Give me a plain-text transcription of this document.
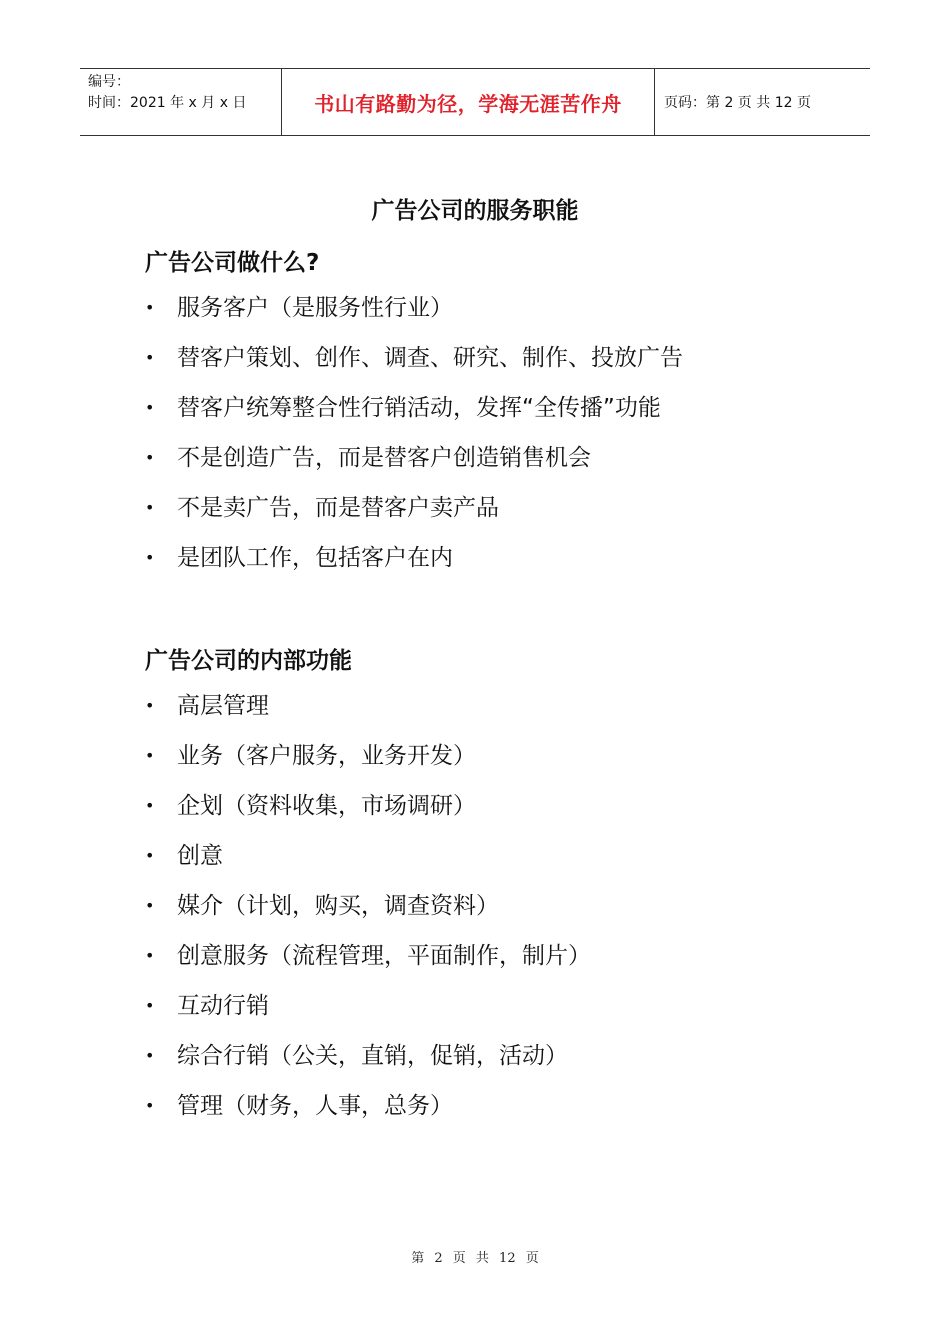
编号：
时间：2021 年 x 月 x 日	书山有路勤为径，学海无涯苦作舟	页码：第 2 页 共 12 页
广告公司的服务职能
广告公司做什么?
• 服务客户（是服务性行业）
• 替客户策划、创作、调查、研究、制作、投放广告
• 替客户统筹整合性行销活动，发挥“全传播”功能
• 不是创造广告，而是替客户创造销售机会
• 不是卖广告，而是替客户卖产品
• 是团队工作，包括客户在内
广告公司的内部功能
• 高层管理
• 业务（客户服务，业务开发）
• 企划（资料收集，市场调研）
• 创意
• 媒介（计划，购买，调查资料）
• 创意服务（流程管理，平面制作，制片）
• 互动行销
• 综合行销（公关，直销，促销，活动）
• 管理（财务，人事，总务）
第 2 页 共 12 页
